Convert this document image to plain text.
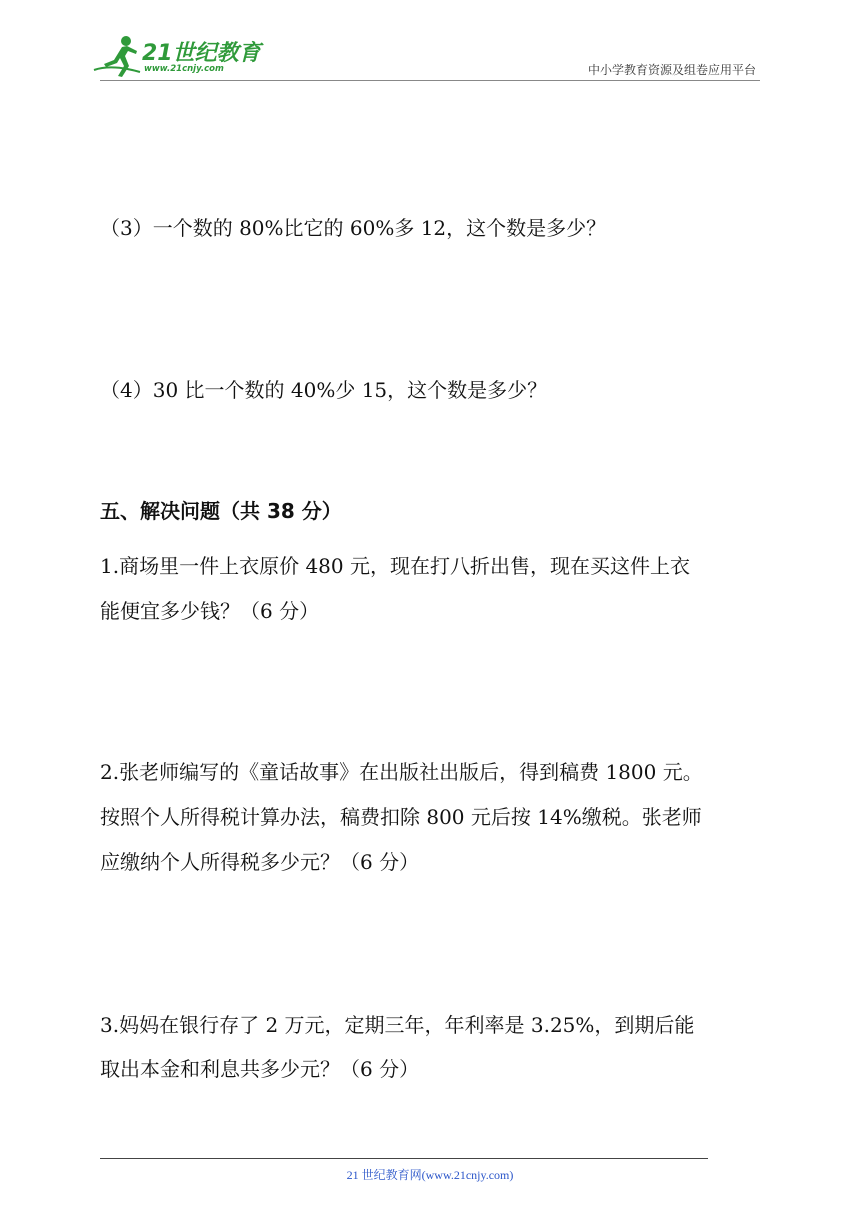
21世纪教育
www.21cnjy.com	中小学教育资源及组卷应用平台
（3）一个数的 80%比它的 60%多 12，这个数是多少？
（4）30 比一个数的 40%少 15，这个数是多少？
五、解决问题（共 38 分）
1.商场里一件上衣原价 480 元，现在打八折出售，现在买这件上衣
能便宜多少钱？（6 分）
2.张老师编写的《童话故事》在出版社出版后，得到稿费 1800 元。
按照个人所得税计算办法，稿费扣除 800 元后按 14%缴税。张老师
应缴纳个人所得税多少元？（6 分）
3.妈妈在银行存了 2 万元，定期三年，年利率是 3.25%，到期后能
取出本金和利息共多少元？（6 分）
21 世纪教育网(www.21cnjy.com)
